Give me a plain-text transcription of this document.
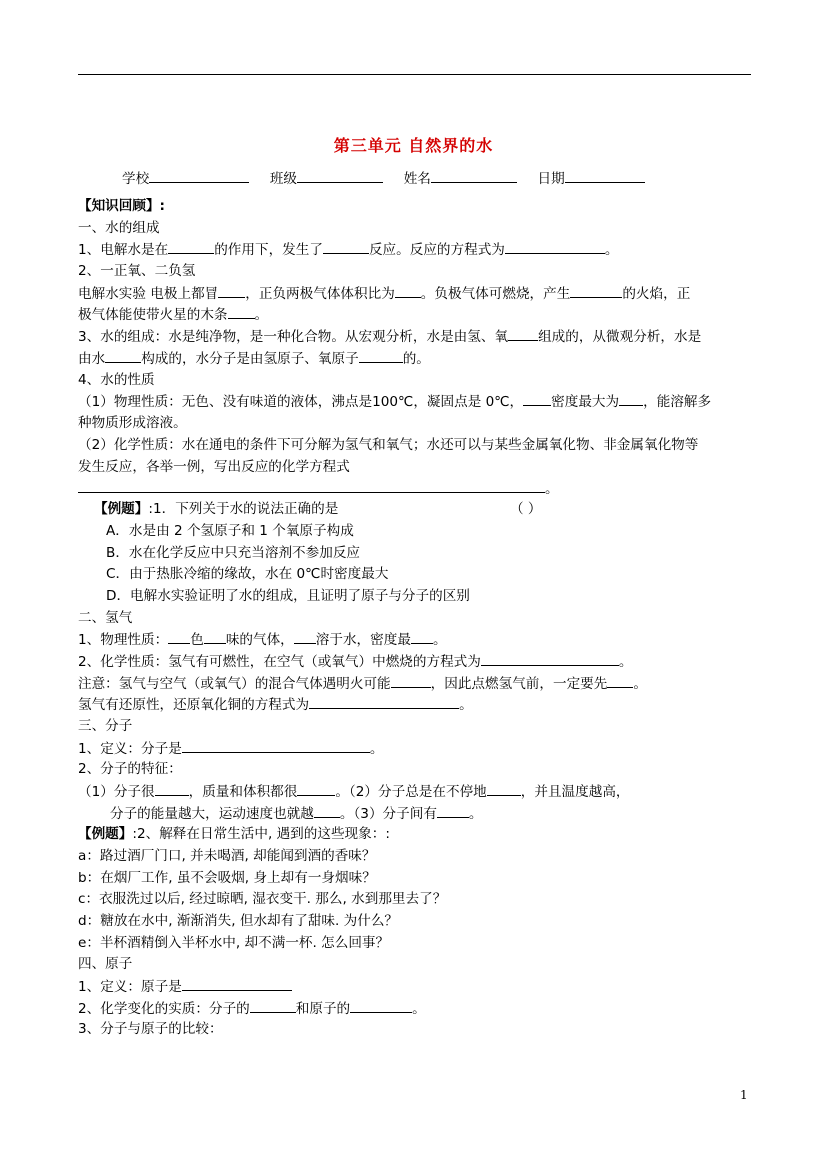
第三单元 自然界的水
学校	班级	姓名	日期
【知识回顾】:
一、水的组成
1、电解水是在	的作用下，发生了	反应。反应的方程式为	。
2、一正氧、二负氢
电解水实验 电极上都冒 ，正负两极气体体积比为 。负极气体可燃烧，产生	的火焰，正
极气体能使带火星的木条 。
3、水的组成：水是纯净物，是一种化合物。从宏观分析，水是由氢、氧 组成的，从微观分析，水是
由水	构成的，水分子是由氢原子、氧原子	的。
4、水的性质
（1）物理性质：无色、没有味道的液体，沸点是100℃，凝固点是 0℃， 密度最大为 ，能溶解多
种物质形成溶液。
（2）化学性质：水在通电的条件下可分解为氢气和氧气；水还可以与某些金属氧化物、非金属氧化物等
发生反应，各举一例，写出反应的化学方程式
。
【例题】:1．下列关于水的说法正确的是	（ ）
A．水是由 2 个氢原子和 1 个氧原子构成
B．水在化学反应中只充当溶剂不参加反应
C．由于热胀冷缩的缘故，水在 0℃时密度最大
D．电解水实验证明了水的组成，且证明了原子与分子的区别
二、氢气
1、物理性质： 色 味的气体， 溶于水，密度最 。
2、化学性质：氢气有可燃性，在空气（或氧气）中燃烧的方程式为	。
注意：氢气与空气（或氧气）的混合气体遇明火可能	，因此点燃氢气前，一定要先 。
氢气有还原性，还原氧化铜的方程式为	。
三、分子
1、定义：分子是	。
2、分子的特征：
（1）分子很	，质量和体积都很	。（2）分子总是在不停地	，并且温度越高，
分子的能量越大，运动速度也就越 。（3）分子间有 。
【例题】:2、解释在日常生活中, 遇到的这些现象：:
a：路过酒厂门口, 并未喝酒, 却能闻到酒的香味？
b：在烟厂工作, 虽不会吸烟, 身上却有一身烟味？
c：衣服洗过以后, 经过晾晒, 湿衣变干. 那么, 水到那里去了？
d：糖放在水中, 渐渐消失, 但水却有了甜味. 为什么？
e：半杯酒精倒入半杯水中, 却不满一杯. 怎么回事？
四、原子
1、定义：原子是
2、化学变化的实质：分子的	和原子的	。
3、分子与原子的比较：
1
